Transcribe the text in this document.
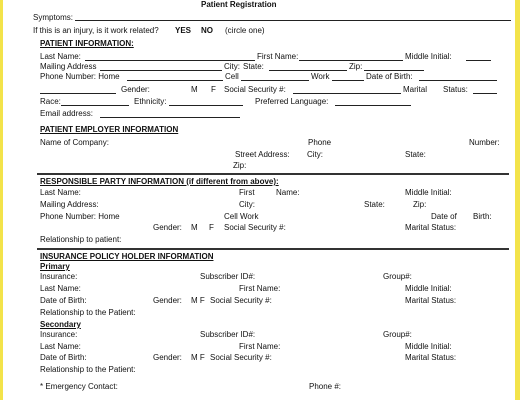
Patient Registration
Symptoms:
If this is an injury, is it work related? YES NO (circle one)
PATIENT INFORMATION:
Last Name:	First Name:	Middle Initial:
Mailing Address	City: State:	Zip:
Phone Number: Home	Cell	Work	Date of Birth:
Gender:	M F Social Security #:	Marital Status:
Race:	Ethnicity:	Preferred Language:
Email address:
PATIENT EMPLOYER INFORMATION
Name of Company:	Phone	Number:
Street Address: City:	State:
Zip:
RESPONSIBLE PARTY INFORMATION (if different from above):
Last Name:	First	Name:	Middle Initial:
Mailing Address:	City:	State:	Zip:
Phone Number: Home	Cell Work	Date of Birth:
Gender: M F Social Security #:	Marital Status:
Relationship to patient:
INSURANCE POLICY HOLDER INFORMATION
Primary
Insurance:	Subscriber ID#:	Group#:
Last Name:	First Name:	Middle Initial:
Date of Birth:	Gender: M F Social Security #:	Marital Status:
Relationship to the Patient:
Secondary
Insurance:	Subscriber ID#:	Group#:
Last Name:	First Name:	Middle Initial:
Date of Birth:	Gender: M F Social Security #:	Marital Status:
Relationship to the Patient:
* Emergency Contact:	Phone #:
